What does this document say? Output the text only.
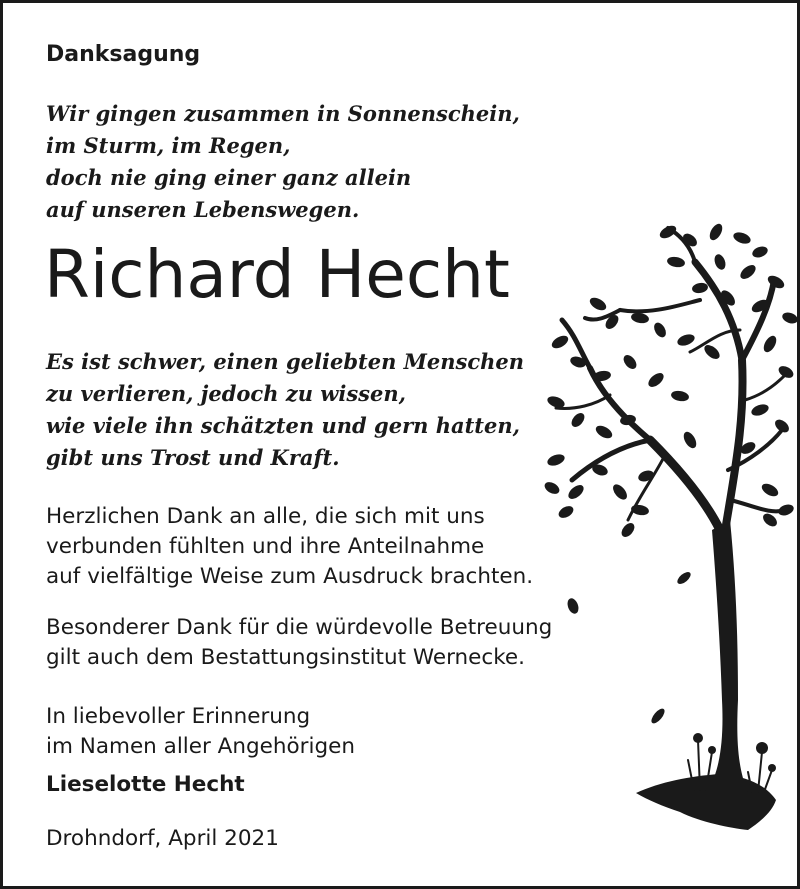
Danksagung
Wir gingen zusammen in Sonnenschein,
im Sturm, im Regen,
doch nie ging einer ganz allein
auf unseren Lebenswegen.
Richard Hecht
Es ist schwer, einen geliebten Menschen
zu verlieren, jedoch zu wissen,
wie viele ihn schätzten und gern hatten,
gibt uns Trost und Kraft.
Herzlichen Dank an alle, die sich mit uns
verbunden fühlten und ihre Anteilnahme
auf vielfältige Weise zum Ausdruck brachten.
Besonderer Dank für die würdevolle Betreuung
gilt auch dem Bestattungsinstitut Wernecke.
In liebevoller Erinnerung
im Namen aller Angehörigen
Lieselotte Hecht
Drohndorf, April 2021
